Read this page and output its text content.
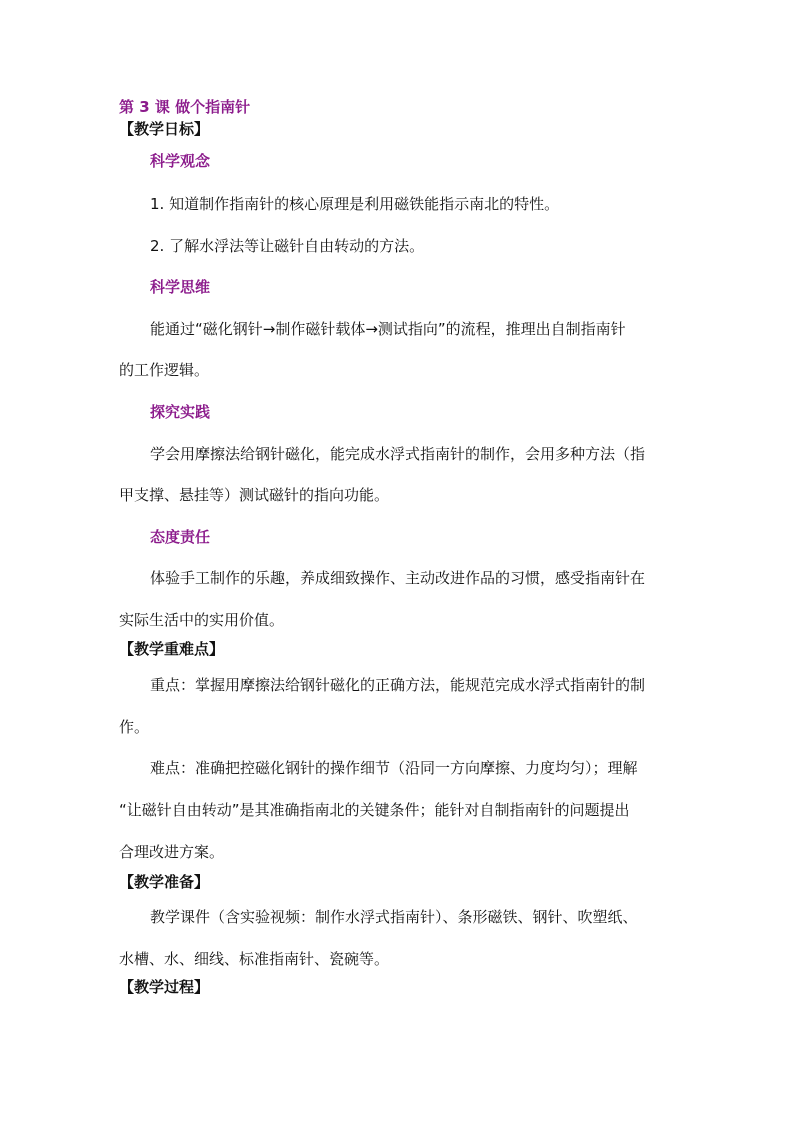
第 3 课 做个指南针

【教学日标】

科学观念

1. 知道制作指南针的核心原理是利用磁铁能指示南北的特性。

2. 了解水浮法等让磁针自由转动的方法。

科学思维

能通过“磁化钢针→制作磁针载体→测试指向”的流程，推理出自制指南针

的工作逻辑。

探究实践

学会用摩擦法给钢针磁化，能完成水浮式指南针的制作，会用多种方法（指

甲支撑、悬挂等）测试磁针的指向功能。

态度责任

体验手工制作的乐趣，养成细致操作、主动改进作品的习惯，感受指南针在

实际生活中的实用价值。

【教学重难点】

重点：掌握用摩擦法给钢针磁化的正确方法，能规范完成水浮式指南针的制

作。

难点：准确把控磁化钢针的操作细节（沿同一方向摩擦、力度均匀）；理解

“让磁针自由转动”是其准确指南北的关键条件；能针对自制指南针的问题提出

合理改进方案。

【教学准备】

教学课件（含实验视频：制作水浮式指南针）、条形磁铁、钢针、吹塑纸、

水槽、水、细线、标准指南针、瓷碗等。

【教学过程】
